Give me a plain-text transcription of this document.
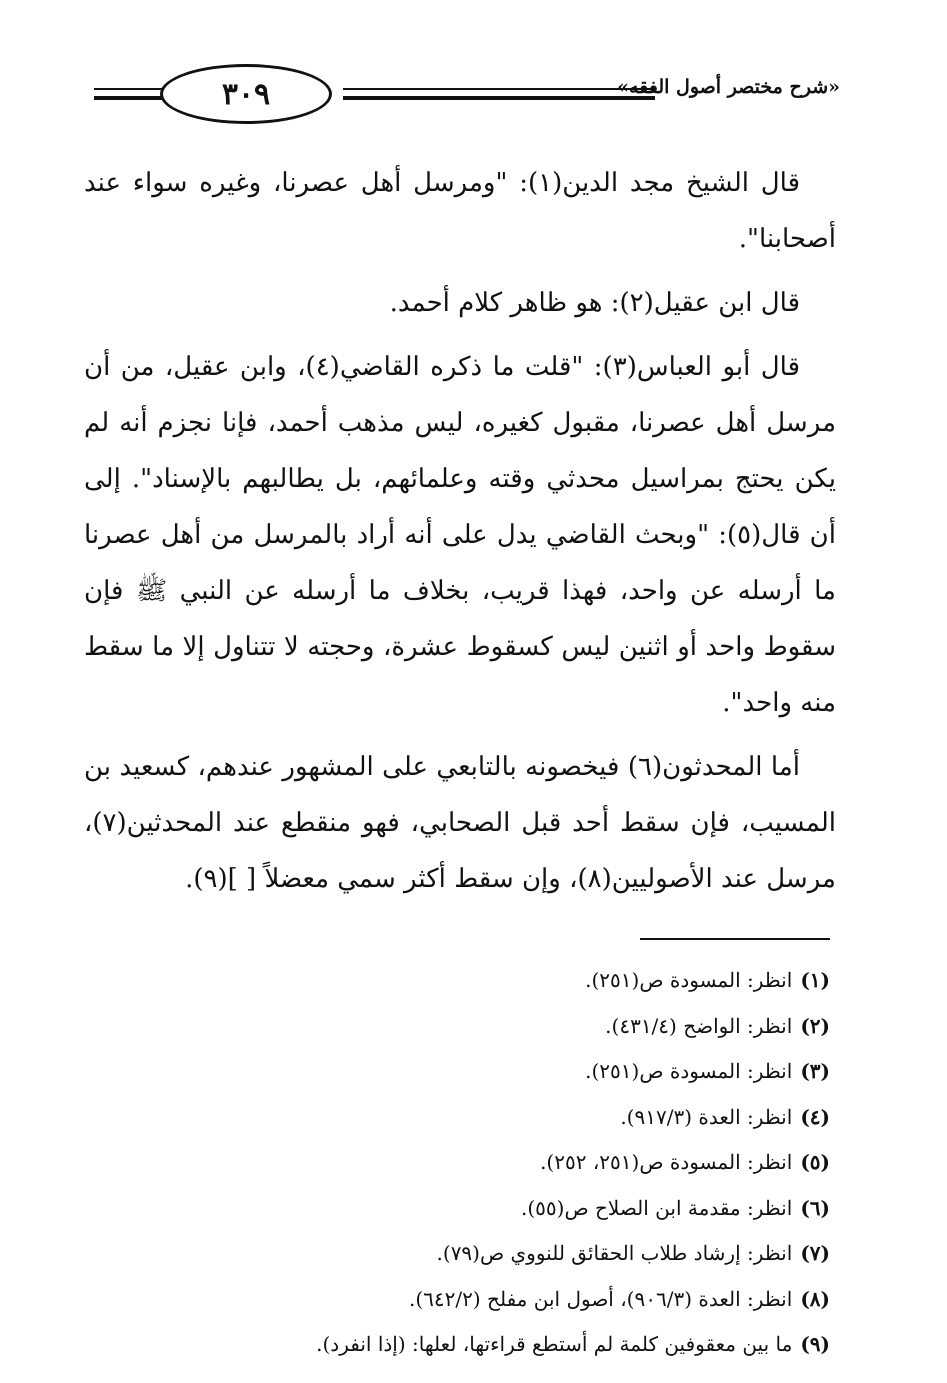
٣٠٩	«شرح مختصر أصول الفقه»

قال الشيخ مجد الدين(١): "ومرسل أهل عصرنا، وغيره سواء عند أصحابنا".

قال ابن عقيل(٢): هو ظاهر كلام أحمد.

قال أبو العباس(٣): "قلت ما ذكره القاضي(٤)، وابن عقيل، من أن مرسل أهل عصرنا، مقبول كغيره، ليس مذهب أحمد، فإنا نجزم أنه لم يكن يحتج بمراسيل محدثي وقته وعلمائهم، بل يطالبهم بالإسناد". إلى أن قال(٥): "وبحث القاضي يدل على أنه أراد بالمرسل من أهل عصرنا ما أرسله عن واحد، فهذا قريب، بخلاف ما أرسله عن النبي ﷺ فإن سقوط واحد أو اثنين ليس كسقوط عشرة، وحجته لا تتناول إلا ما سقط منه واحد".

أما المحدثون(٦) فيخصونه بالتابعي على المشهور عندهم، كسعيد بن المسيب، فإن سقط أحد قبل الصحابي، فهو منقطع عند المحدثين(٧)، مرسل عند الأصوليين(٨)، وإن سقط أكثر سمي معضلاً [ ](٩).

(١)انظر: المسودة ص(٢٥١).
(٢)انظر: الواضح (٤٣١/٤).
(٣)انظر: المسودة ص(٢٥١).
(٤)انظر: العدة (٩١٧/٣).
(٥)انظر: المسودة ص(٢٥١، ٢٥٢).
(٦)انظر: مقدمة ابن الصلاح ص(٥٥).
(٧)انظر: إرشاد طلاب الحقائق للنووي ص(٧٩).
(٨)انظر: العدة (٩٠٦/٣)، أصول ابن مفلح (٦٤٢/٢).
(٩)ما بين معقوفين كلمة لم أستطع قراءتها، لعلها: (إذا انفرد).
